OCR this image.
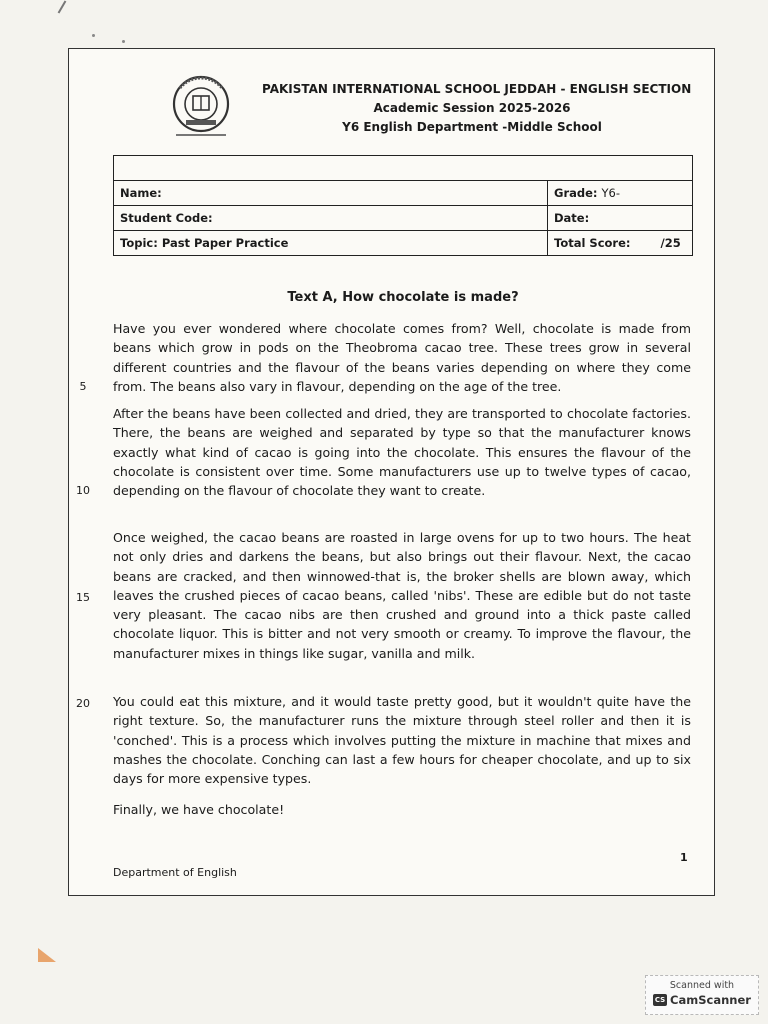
PAKISTAN INTERNATIONAL SCHOOL JEDDAH - ENGLISH SECTION
Academic Session 2025-2026
Y6 English Department -Middle School

Name:	Grade: Y6-
Student Code:	Date:
Topic: Past Paper Practice	Total Score: /25
Text A, How chocolate is made?
Have you ever wondered where chocolate comes from? Well, chocolate is made from beans which grow in pods on the Theobroma cacao tree. These trees grow in several different countries and the flavour of the beans varies depending on where they come from. The beans also vary in flavour, depending on the age of the tree.
After the beans have been collected and dried, they are transported to chocolate factories. There, the beans are weighed and separated by type so that the manufacturer knows exactly what kind of cacao is going into the chocolate. This ensures the flavour of the chocolate is consistent over time. Some manufacturers use up to twelve types of cacao, depending on the flavour of chocolate they want to create.
Once weighed, the cacao beans are roasted in large ovens for up to two hours. The heat not only dries and darkens the beans, but also brings out their flavour. Next, the cacao beans are cracked, and then winnowed-that is, the broker shells are blown away, which leaves the crushed pieces of cacao beans, called 'nibs'. These are edible but do not taste very pleasant. The cacao nibs are then crushed and ground into a thick paste called chocolate liquor. This is bitter and not very smooth or creamy. To improve the flavour, the manufacturer mixes in things like sugar, vanilla and milk.
You could eat this mixture, and it would taste pretty good, but it wouldn't quite have the right texture. So, the manufacturer runs the mixture through steel roller and then it is 'conched'. This is a process which involves putting the mixture in machine that mixes and mashes the chocolate. Conching can last a few hours for cheaper chocolate, and up to six days for more expensive types.
Finally, we have chocolate!
5
10
15
20
1
Department of English
Scanned with
CS CamScanner
